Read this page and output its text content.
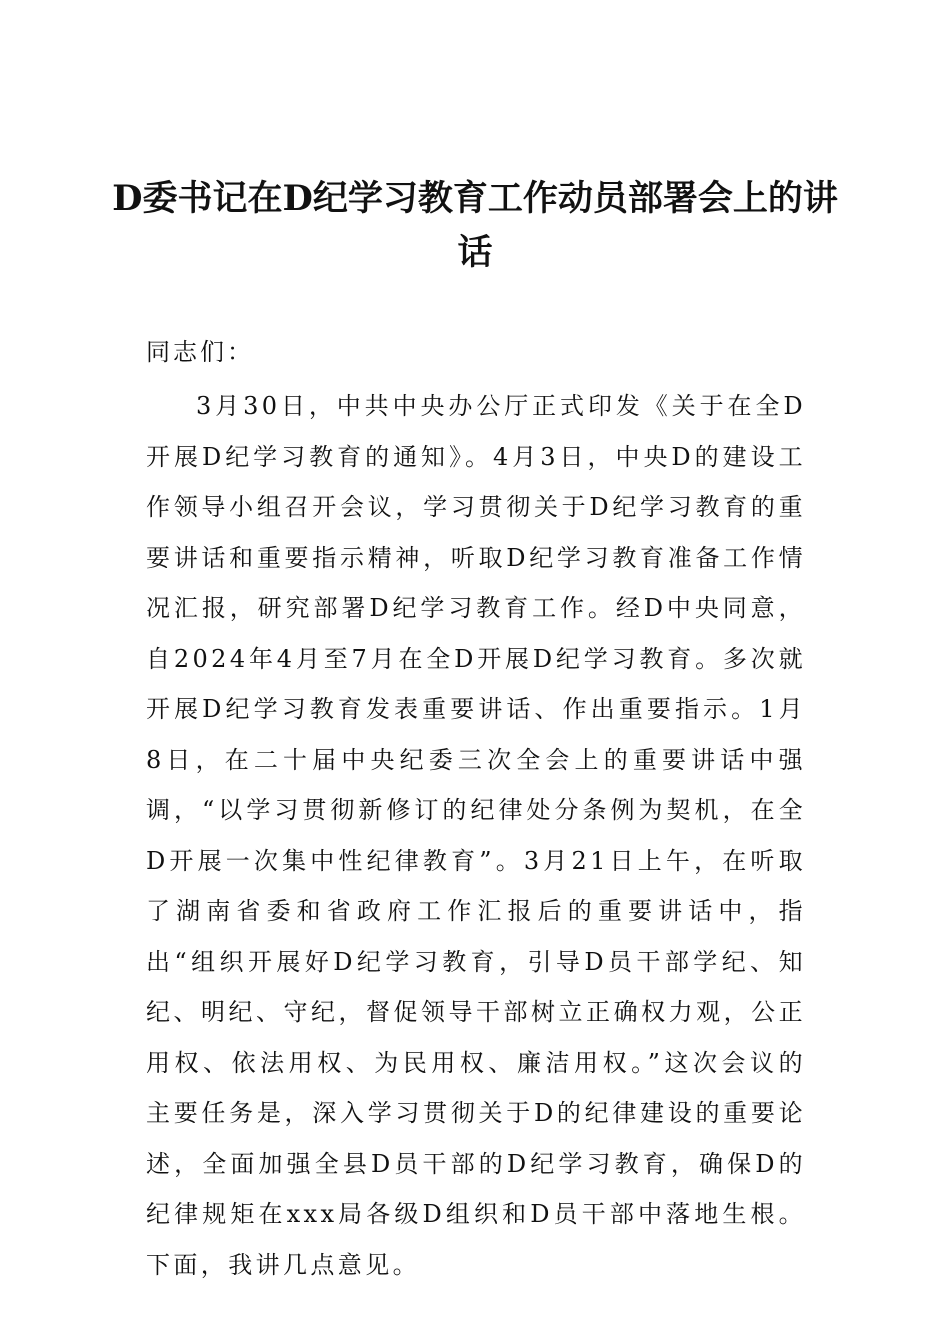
D委书记在D纪学习教育工作动员部署会上的讲话
同志们：

3月30日，中共中央办公厅正式印发《关于在全D开展D纪学习教育的通知》。4月3日，中央D的建设工作领导小组召开会议，学习贯彻关于D纪学习教育的重要讲话和重要指示精神，听取D纪学习教育准备工作情况汇报，研究部署D纪学习教育工作。经D中央同意，自2024年4月至7月在全D开展D纪学习教育。多次就开展D纪学习教育发表重要讲话、作出重要指示。1月8日，在二十届中央纪委三次全会上的重要讲话中强调，“以学习贯彻新修订的纪律处分条例为契机，在全D开展一次集中性纪律教育”。3月21日上午，在听取了湖南省委和省政府工作汇报后的重要讲话中，指出“组织开展好D纪学习教育，引导D员干部学纪、知纪、明纪、守纪，督促领导干部树立正确权力观，公正用权、依法用权、为民用权、廉洁用权。”这次会议的主要任务是，深入学习贯彻关于D的纪律建设的重要论述，全面加强全县D员干部的D纪学习教育，确保D的纪律规矩在xxx局各级D组织和D员干部中落地生根。下面，我讲几点意见。
